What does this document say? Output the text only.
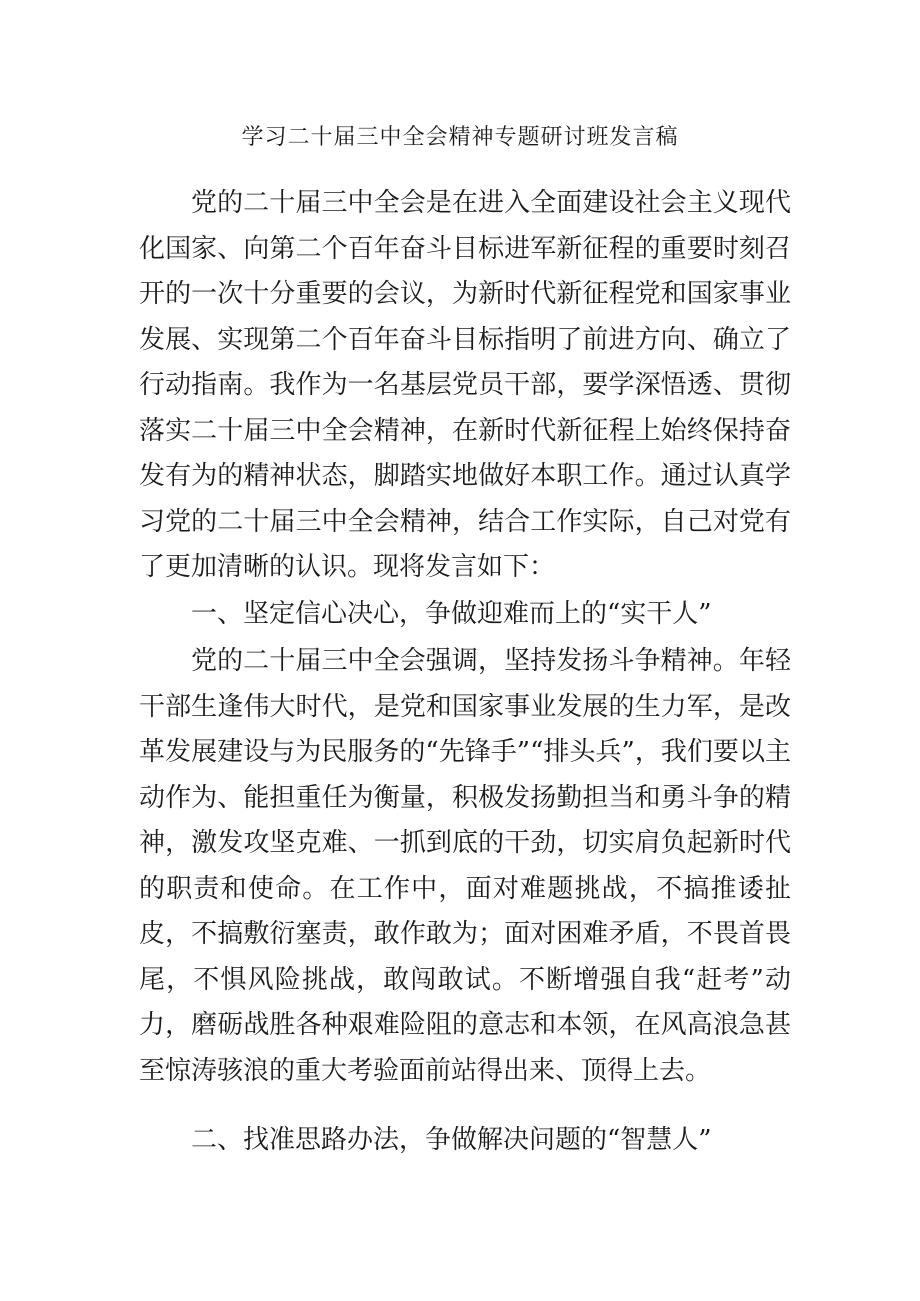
学习二十届三中全会精神专题研讨班发言稿

党的二十届三中全会是在进入全面建设社会主义现代化国家、向第二个百年奋斗目标进军新征程的重要时刻召开的一次十分重要的会议，为新时代新征程党和国家事业发展、实现第二个百年奋斗目标指明了前进方向、确立了行动指南。我作为一名基层党员干部，要学深悟透、贯彻落实二十届三中全会精神，在新时代新征程上始终保持奋发有为的精神状态，脚踏实地做好本职工作。通过认真学习党的二十届三中全会精神，结合工作实际，自己对党有了更加清晰的认识。现将发言如下：

一、坚定信心决心，争做迎难而上的“实干人”

党的二十届三中全会强调，坚持发扬斗争精神。年轻干部生逢伟大时代，是党和国家事业发展的生力军，是改革发展建设与为民服务的“先锋手”“排头兵”，我们要以主动作为、能担重任为衡量，积极发扬勤担当和勇斗争的精神，激发攻坚克难、一抓到底的干劲，切实肩负起新时代的职责和使命。在工作中，面对难题挑战，不搞推诿扯皮，不搞敷衍塞责，敢作敢为；面对困难矛盾，不畏首畏尾，不惧风险挑战，敢闯敢试。不断增强自我“赶考”动力，磨砺战胜各种艰难险阻的意志和本领，在风高浪急甚至惊涛骇浪的重大考验面前站得出来、顶得上去。

二、找准思路办法，争做解决问题的“智慧人”
